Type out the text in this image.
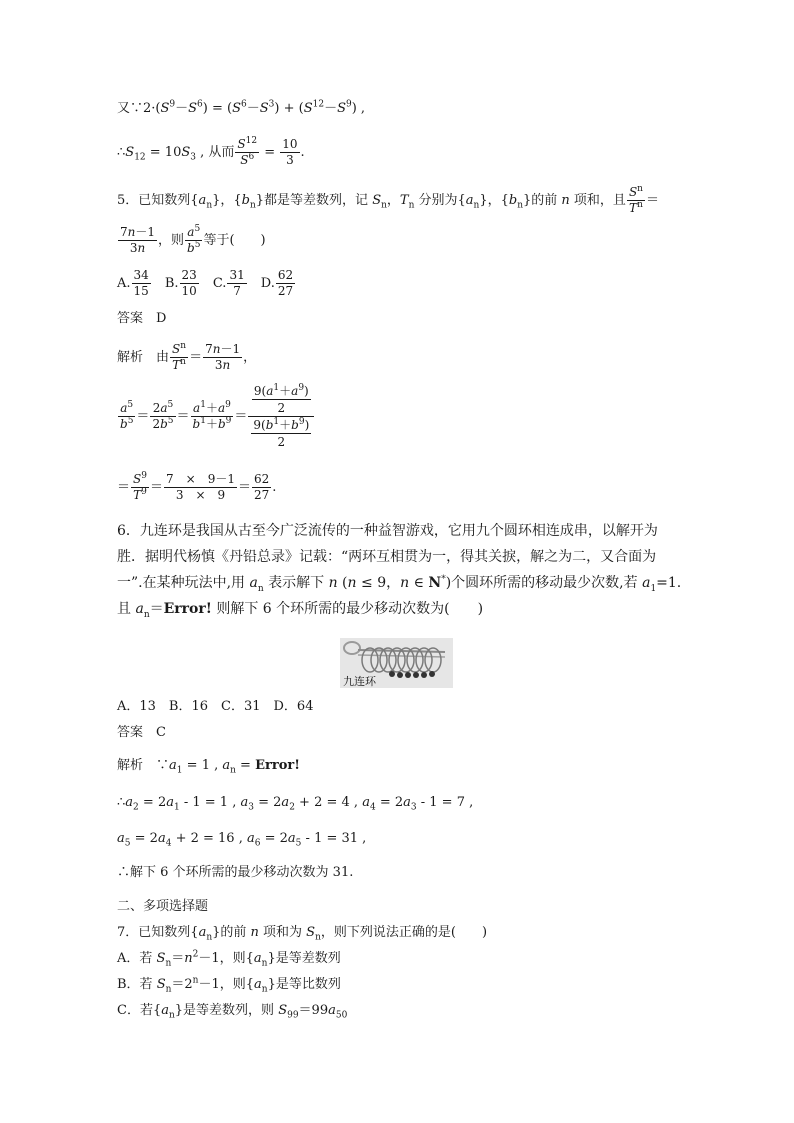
又$\because 2\cdot(S^9-S^6) = (S^6-S^3) + (S^{12}-S^9)$ ,
$\therefore S_{12} = 10S_3$ , 从而 $\frac{S^{12}}{S^6} = \frac{10}{3}$ .
5．已知数列$\{a_n\}$，$\{b_n\}$都是等差数列，记 $S_n$，$T_n$ 分别为$\{a_n\}$，$\{b_n\}$的前 n 项和，且 $\frac{S^n}{T^n}$ ＝
$\frac{7n-1}{3n}$ ，则 $\frac{a^5}{b^5}$ 等于(　　)
A. $\frac{34}{15}$
　 B. $\frac{23}{10}$
　 C. $\frac{31}{7}$
　 D. $\frac{62}{27}$
答案　 D
解析　由 $\frac{S^n}{T^n} = \frac{7n-1}{3n}$ ，
$\frac{a^5}{b^5} = \frac{2a^5}{2b^5} = \frac{a^1+a^9}{b^1+b^9} = \frac{\frac{9(a^1+a^9)}{2}}{\frac{9(b^1+b^9)}{2}}$
＝ $\frac{S^9}{T^9} = \frac{7 \times 9-1}{3 \times 9} = \frac{62}{27}$ .
6．九连环是我国从古至今广泛流传的一种益智游戏，它用九个圆环相连成串，以解开为
胜．据明代杨慎《丹铅总录》记载：“两环互相贯为一，得其关捩，解之为二，又合面为
一”.在某种玩法中,用 $a_n$ 表示解下 n (n ≤ 9，n ∈ N*)个圆环所需的移动最少次数,若 $a_1=1$.
且 $a_n=Error$! 则解下 6 个环所需的最少移动次数为(　　)
九连环
A．13　B．16　C．31　D．64
答案　 C
解析　$\because a_1 = 1$ , $a_n$ = Error!
$\therefore a_2 = 2a_1 - 1 = 1$ , $a_3 = 2a_2 + 2 = 4$ , $a_4 = 2a_3 - 1 = 7$ ,
$a_5 = 2a_4 + 2 = 16$ , $a_6 = 2a_5 - 1 = 31$ ,
∴解下 6 个环所需的最少移动次数为 31.
二、多项选择题
7．已知数列$\{a_n\}$的前 n 项和为 $S_n$，则下列说法正确的是(　　)
A．若 $S_n=n^2-1$，则$\{a_n\}$是等差数列
B．若 $S_n=2^n-1$，则$\{a_n\}$是等比数列
C．若$\{a_n\}$是等差数列，则 $S_{99}=99a_{50}$
